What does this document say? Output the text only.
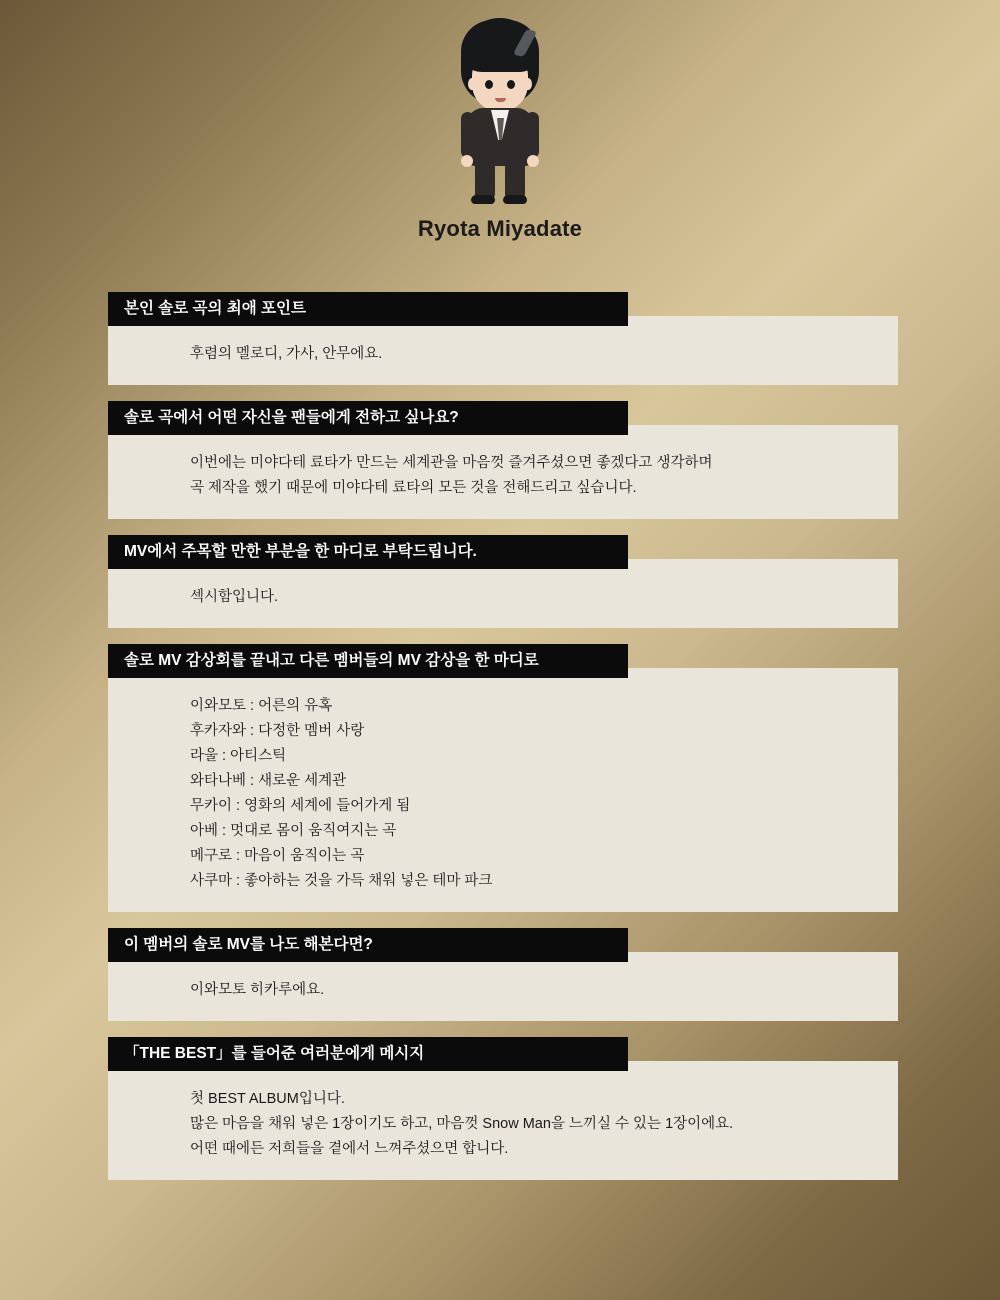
Ryota Miyadate
본인 솔로 곡의 최애 포인트
후렴의 멜로디, 가사, 안무에요.
솔로 곡에서 어떤 자신을 팬들에게 전하고 싶나요?
이번에는 미야다테 료타가 만드는 세계관을 마음껏 즐겨주셨으면 좋겠다고 생각하며
곡 제작을 했기 때문에 미야다테 료타의 모든 것을 전해드리고 싶습니다.
MV에서 주목할 만한 부분을 한 마디로 부탁드립니다.
섹시함입니다.
솔로 MV 감상회를 끝내고 다른 멤버들의 MV 감상을 한 마디로
이와모토 : 어른의 유혹
후카자와 : 다정한 멤버 사랑
라울 : 아티스틱
와타나베 : 새로운 세계관
무카이 : 영화의 세계에 들어가게 됨
아베 : 멋대로 몸이 움직여지는 곡
메구로 : 마음이 움직이는 곡
사쿠마 : 좋아하는 것을 가득 채워 넣은 테마 파크
이 멤버의 솔로 MV를 나도 해본다면?
이와모토 히카루에요.
「THE BEST」를 들어준 여러분에게 메시지
첫 BEST ALBUM입니다.
많은 마음을 채워 넣은 1장이기도 하고, 마음껏 Snow Man을 느끼실 수 있는 1장이에요.
어떤 때에든 저희들을 곁에서 느껴주셨으면 합니다.
